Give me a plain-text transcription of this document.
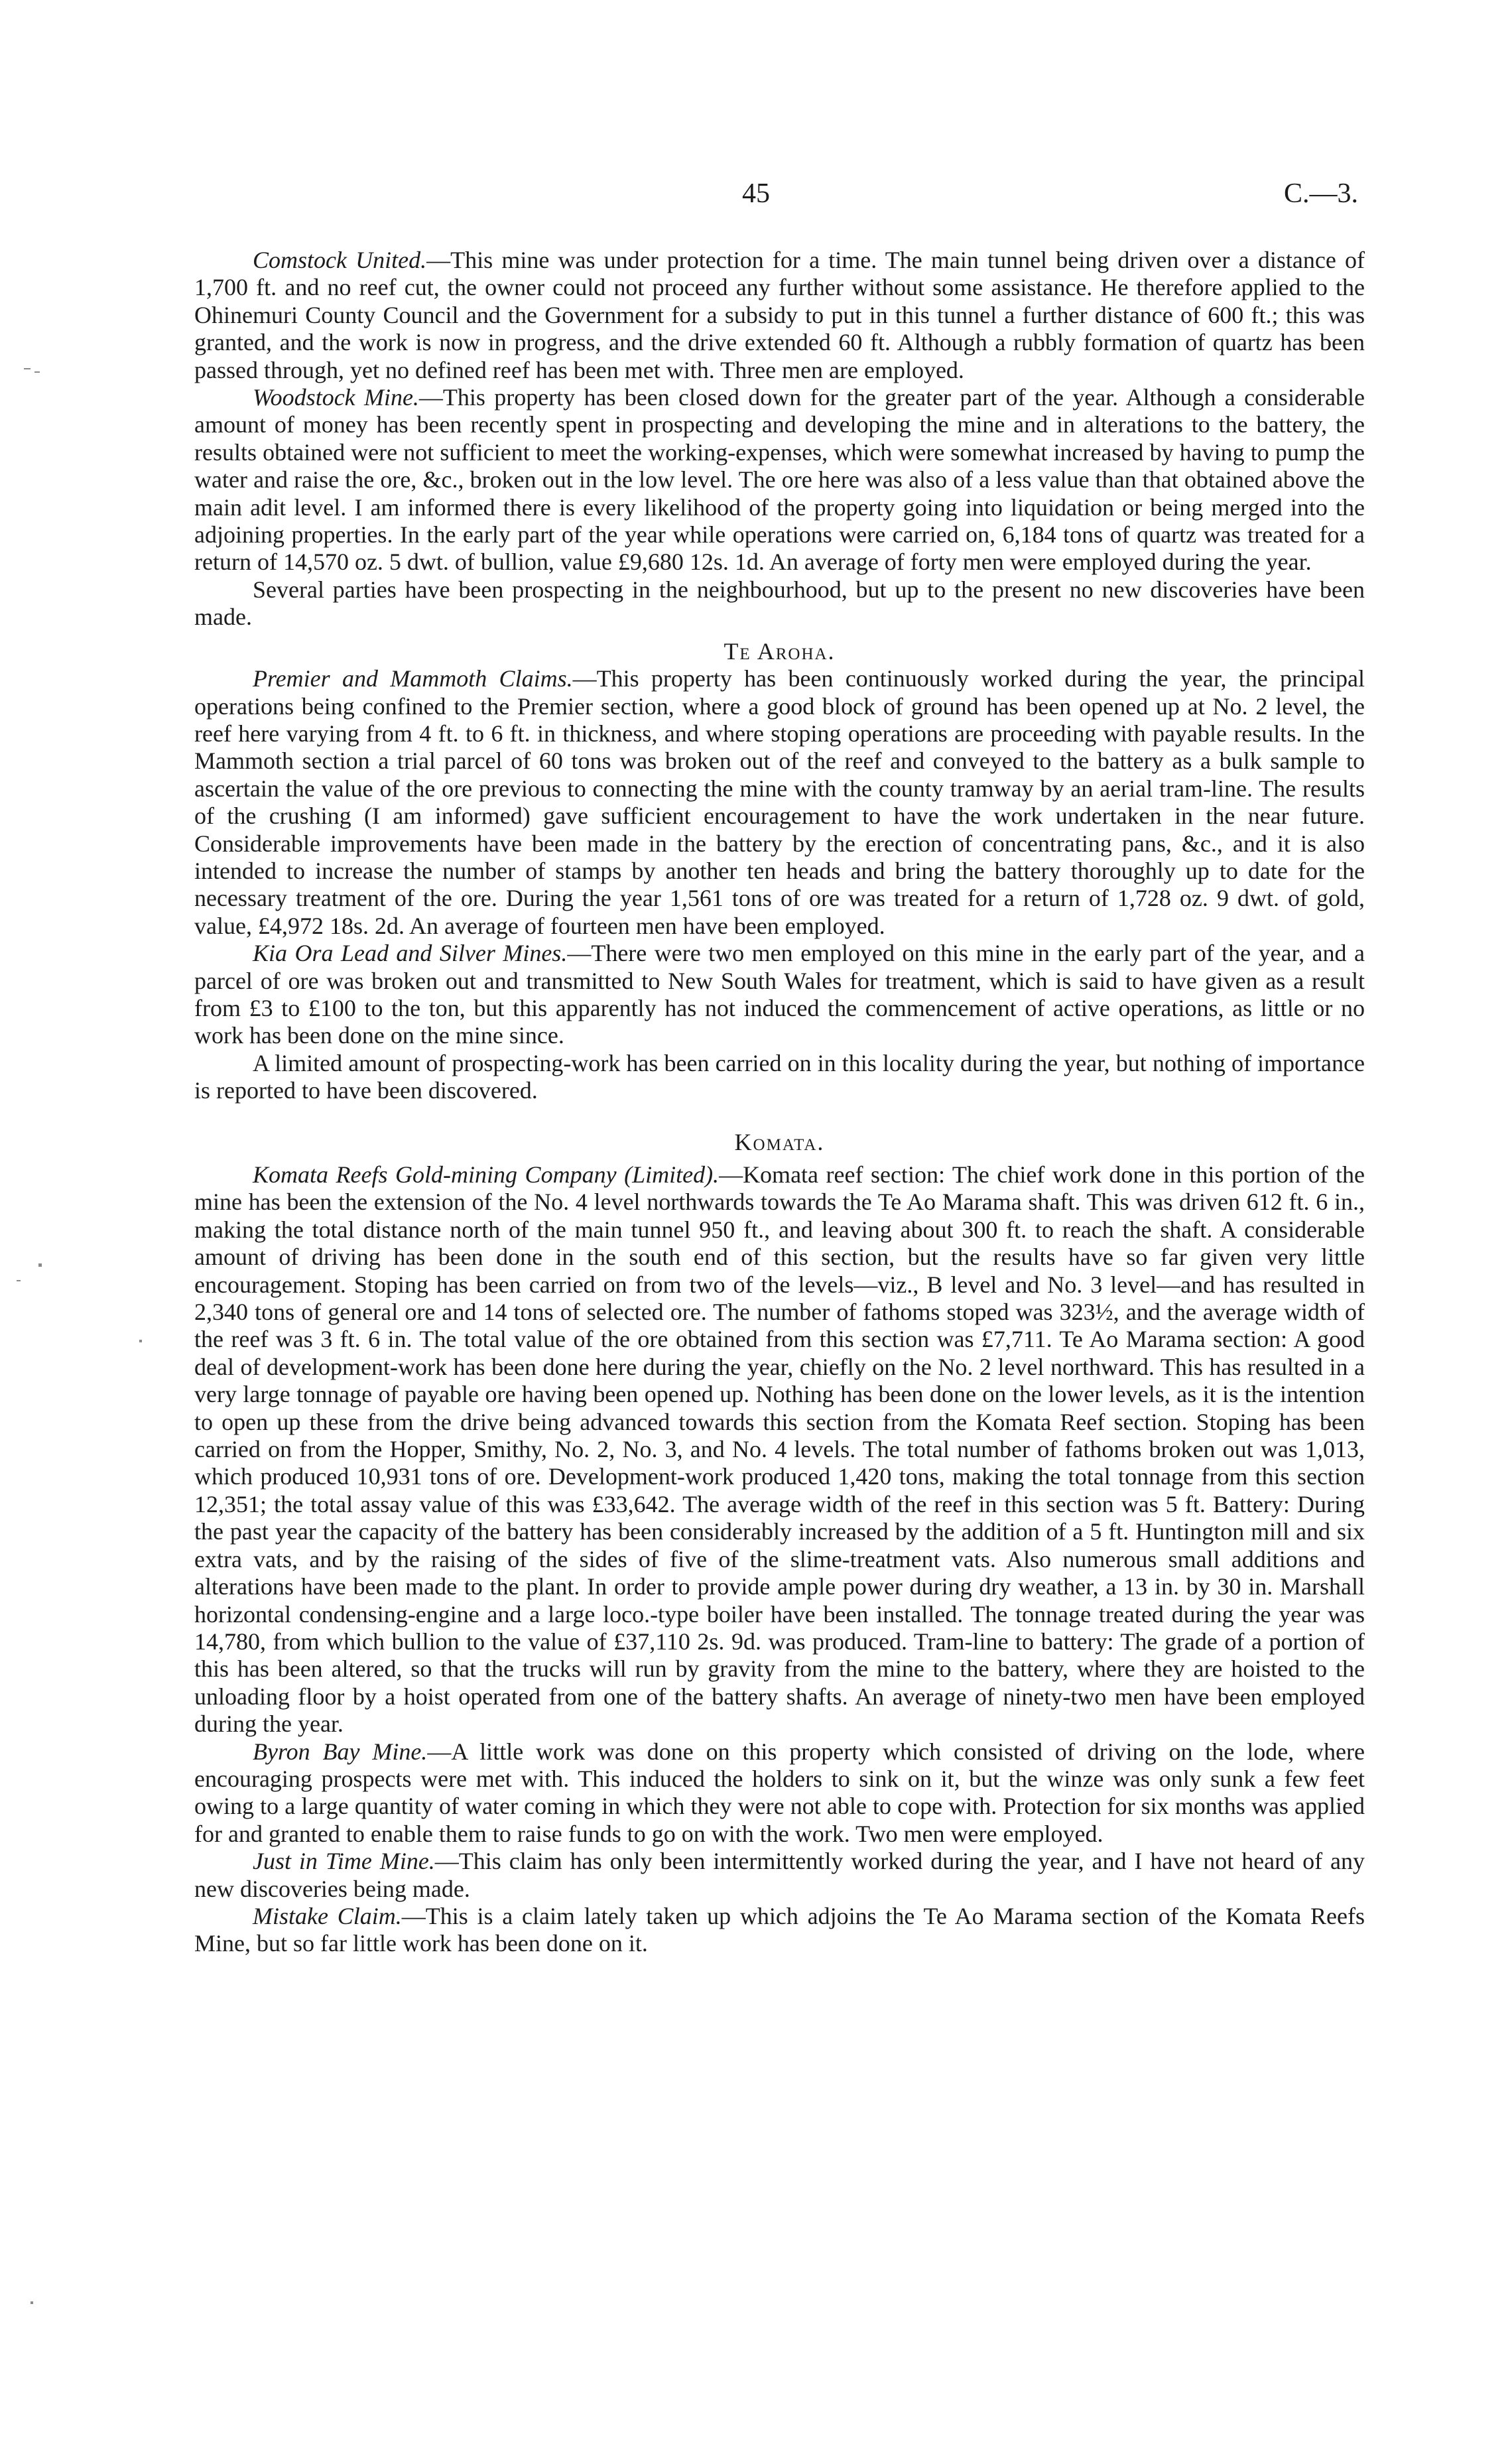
45	C.—3.

Comstock United.—This mine was under protection for a time. The main tunnel being driven over a distance of 1,700 ft. and no reef cut, the owner could not proceed any further without some assistance. He therefore applied to the Ohinemuri County Council and the Government for a subsidy to put in this tunnel a further distance of 600 ft.; this was granted, and the work is now in progress, and the drive extended 60 ft. Although a rubbly formation of quartz has been passed through, yet no defined reef has been met with. Three men are employed.

Woodstock Mine.—This property has been closed down for the greater part of the year. Although a considerable amount of money has been recently spent in prospecting and developing the mine and in alterations to the battery, the results obtained were not sufficient to meet the working-expenses, which were somewhat increased by having to pump the water and raise the ore, &c., broken out in the low level. The ore here was also of a less value than that obtained above the main adit level. I am informed there is every likelihood of the property going into liquidation or being merged into the adjoining properties. In the early part of the year while operations were carried on, 6,184 tons of quartz was treated for a return of 14,570 oz. 5 dwt. of bullion, value £9,680 12s. 1d. An average of forty men were employed during the year.

Several parties have been prospecting in the neighbourhood, but up to the present no new discoveries have been made.

Te Aroha.

Premier and Mammoth Claims.—This property has been continuously worked during the year, the principal operations being confined to the Premier section, where a good block of ground has been opened up at No. 2 level, the reef here varying from 4 ft. to 6 ft. in thickness, and where stoping operations are proceeding with payable results. In the Mammoth section a trial parcel of 60 tons was broken out of the reef and conveyed to the battery as a bulk sample to ascertain the value of the ore previous to connecting the mine with the county tramway by an aerial tram-line. The results of the crushing (I am informed) gave sufficient encouragement to have the work undertaken in the near future. Considerable improvements have been made in the battery by the erection of concentrating pans, &c., and it is also intended to increase the number of stamps by another ten heads and bring the battery thoroughly up to date for the necessary treatment of the ore. During the year 1,561 tons of ore was treated for a return of 1,728 oz. 9 dwt. of gold, value, £4,972 18s. 2d. An average of fourteen men have been employed.

Kia Ora Lead and Silver Mines.—There were two men employed on this mine in the early part of the year, and a parcel of ore was broken out and transmitted to New South Wales for treatment, which is said to have given as a result from £3 to £100 to the ton, but this apparently has not induced the commencement of active operations, as little or no work has been done on the mine since.

A limited amount of prospecting-work has been carried on in this locality during the year, but nothing of importance is reported to have been discovered.

Komata.

Komata Reefs Gold-mining Company (Limited).—Komata reef section: The chief work done in this portion of the mine has been the extension of the No. 4 level northwards towards the Te Ao Marama shaft. This was driven 612 ft. 6 in., making the total distance north of the main tunnel 950 ft., and leaving about 300 ft. to reach the shaft. A considerable amount of driving has been done in the south end of this section, but the results have so far given very little encouragement. Stoping has been carried on from two of the levels—viz., B level and No. 3 level—and has resulted in 2,340 tons of general ore and 14 tons of selected ore. The number of fathoms stoped was 323½, and the average width of the reef was 3 ft. 6 in. The total value of the ore obtained from this section was £7,711. Te Ao Marama section: A good deal of development-work has been done here during the year, chiefly on the No. 2 level northward. This has resulted in a very large tonnage of payable ore having been opened up. Nothing has been done on the lower levels, as it is the intention to open up these from the drive being advanced towards this section from the Komata Reef section. Stoping has been carried on from the Hopper, Smithy, No. 2, No. 3, and No. 4 levels. The total number of fathoms broken out was 1,013, which produced 10,931 tons of ore. Development-work produced 1,420 tons, making the total tonnage from this section 12,351; the total assay value of this was £33,642. The average width of the reef in this section was 5 ft. Battery: During the past year the capacity of the battery has been considerably increased by the addition of a 5 ft. Huntington mill and six extra vats, and by the raising of the sides of five of the slime-treatment vats. Also numerous small additions and alterations have been made to the plant. In order to provide ample power during dry weather, a 13 in. by 30 in. Marshall horizontal condensing-engine and a large loco.-type boiler have been installed. The tonnage treated during the year was 14,780, from which bullion to the value of £37,110 2s. 9d. was produced. Tram-line to battery: The grade of a portion of this has been altered, so that the trucks will run by gravity from the mine to the battery, where they are hoisted to the unloading floor by a hoist operated from one of the battery shafts. An average of ninety-two men have been employed during the year.

Byron Bay Mine.—A little work was done on this property which consisted of driving on the lode, where encouraging prospects were met with. This induced the holders to sink on it, but the winze was only sunk a few feet owing to a large quantity of water coming in which they were not able to cope with. Protection for six months was applied for and granted to enable them to raise funds to go on with the work. Two men were employed.

Just in Time Mine.—This claim has only been intermittently worked during the year, and I have not heard of any new discoveries being made.

Mistake Claim.—This is a claim lately taken up which adjoins the Te Ao Marama section of the Komata Reefs Mine, but so far little work has been done on it.
